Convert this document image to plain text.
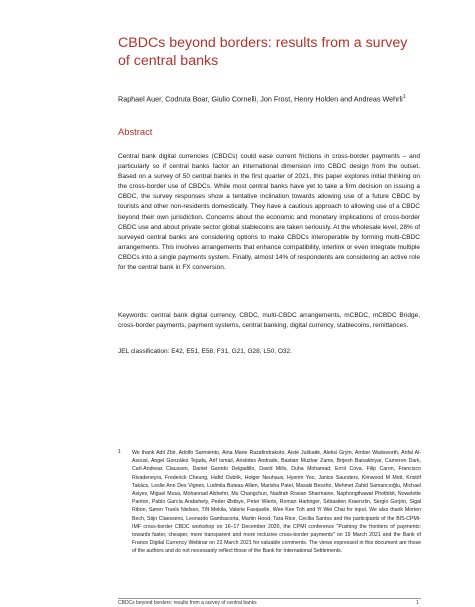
CBDCs beyond borders: results from a survey of central banks

Raphael Auer, Codruta Boar, Giulio Cornelli, Jon Frost, Henry Holden and Andreas Wehrli$^1$

Abstract

Central bank digital currencies (CBDCs) could ease current frictions in cross-border payments – and particularly so if central banks factor an international dimension into CBDC design from the outset. Based on a survey of 50 central banks in the first quarter of 2021, this paper explores initial thinking on the cross-border use of CBDCs. While most central banks have yet to take a firm decision on issuing a CBDC, the survey responses show a tentative inclination towards allowing use of a future CBDC by tourists and other non-residents domestically. They have a cautious approach to allowing use of a CBDC beyond their own jurisdiction. Concerns about the economic and monetary implications of cross-border CBDC use and about private sector global stablecoins are taken seriously. At the wholesale level, 28% of surveyed central banks are considering options to make CBDCs interoperable by forming multi-CBDC arrangements. This involves arrangements that enhance compatibility, interlink or even integrate multiple CBDCs into a single payments system. Finally, almost 14% of respondents are considering an active role for the central bank in FX conversion.

Keywords: central bank digital currency, CBDC, multi-CBDC arrangements, mCBDC, mCBDC Bridge, cross-border payments, payment systems, central banking, digital currency, stablecoins, remittances.

JEL classification: E42, E51, E58, F31, G21, G28, L50, O32.

1 We thank Adil Zbir, Adolfo Sarmiento, Aina Marie Razafindrakoto, Aistė Juškaitė, Aleksi Grym, Amber Wadsworth, Anfal Al-Asousi, Angel González Tejada, Arif Ismail, Aristides Andrade, Bastian Muzbar Zams, Brijesh Baisakhiyar, Cameron Dark, Carl-Andreas Claussen, Daniel Garrido Delgadillo, David Mills, Duha Mohamad, Errol Cova, Filip Caron, Francisco Rivadeneyra, Frederick Cheung, Hafid Oubrik, Holger Neuhaus, Hyerim Yoo, Janice Saunders, Kimwood M Mott, Kristóf Takács, Leslie Ann Des Vignes, Ludmila Buteau Allien, Marisha Patel, Masaki Bessho, Mehmet Zahid Samancıoğlu, Michael Asiyev, Miguel Musa, Mohannad Alshehri, Mu Changchun, Nadirah Rosian Sharmaine, Naphongthawat Phothikit, Nowelette Panton, Pablo García Arabehety, Peder Østbye, Peter Wierts, Roman Hartinger, Sébastien Kraenzlin, Sergio Gorjón, Sigal Ribon, Søren Truels Nielsen, Tőt Mekila, Valerie Fasquelle, Wee Kee Toh and Yi Wei Chai for input. We also thank Morten Bech, Stijn Claessens, Leonardo Gambacorta, Martin Hood, Tara Rice, Cecilia Santos and the participants of the BIS-CPMI-IMF cross-border CBDC workshop on 16–17 December 2020, the CPMI conference "Pushing the frontiers of payments: towards faster, cheaper, more transparent and more inclusive cross-border payments" on 19 March 2021 and the Bank of France Digital Currency Webinar on 22 March 2021 for valuable comments. The views expressed in this document are those of the authors and do not necessarily reflect those of the Bank for International Settlements.

CBDCs beyond borders: results from a survey of central banks	1
